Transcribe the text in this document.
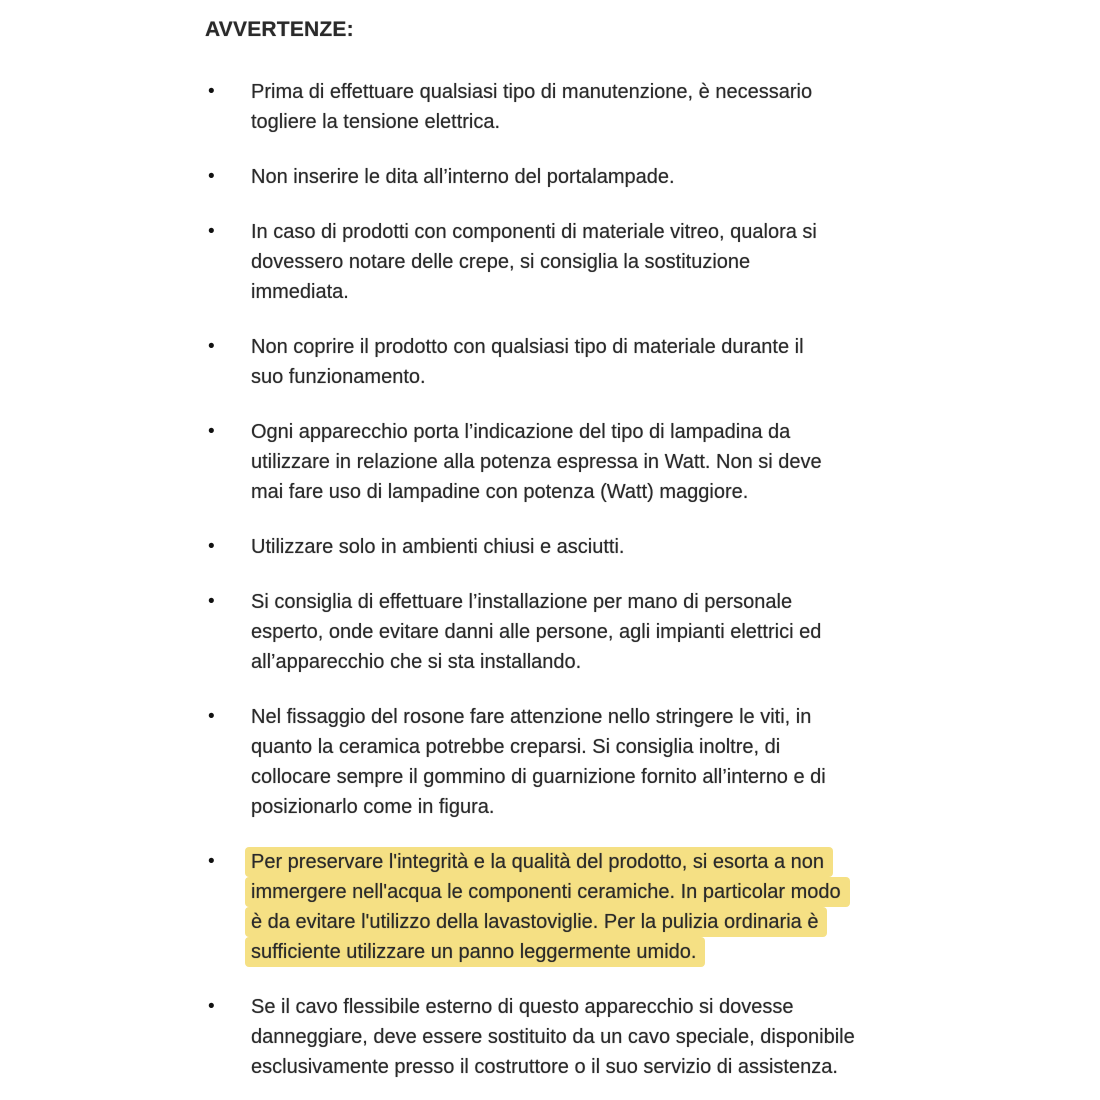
AVVERTENZE:
•	Prima di effettuare qualsiasi tipo di manutenzione, è necessario
togliere la tensione elettrica.
•	Non inserire le dita all’interno del portalampade.
•	In caso di prodotti con componenti di materiale vitreo, qualora si
dovessero notare delle crepe, si consiglia la sostituzione
immediata.
•	Non coprire il prodotto con qualsiasi tipo di materiale durante il
suo funzionamento.
•	Ogni apparecchio porta l’indicazione del tipo di lampadina da
utilizzare in relazione alla potenza espressa in Watt. Non si deve
mai fare uso di lampadine con potenza (Watt) maggiore.
•	Utilizzare solo in ambienti chiusi e asciutti.
•	Si consiglia di effettuare l’installazione per mano di personale
esperto, onde evitare danni alle persone, agli impianti elettrici ed
all’apparecchio che si sta installando.
•	Nel fissaggio del rosone fare attenzione nello stringere le viti, in
quanto la ceramica potrebbe creparsi. Si consiglia inoltre, di
collocare sempre il gommino di guarnizione fornito all’interno e di
posizionarlo come in figura.
•	Per preservare l'integrità e la qualità del prodotto, si esorta a non
immergere nell'acqua le componenti ceramiche. In particolar modo
è da evitare l'utilizzo della lavastoviglie. Per la pulizia ordinaria è
sufficiente utilizzare un panno leggermente umido.
•	Se il cavo flessibile esterno di questo apparecchio si dovesse
danneggiare, deve essere sostituito da un cavo speciale, disponibile
esclusivamente presso il costruttore o il suo servizio di assistenza.
